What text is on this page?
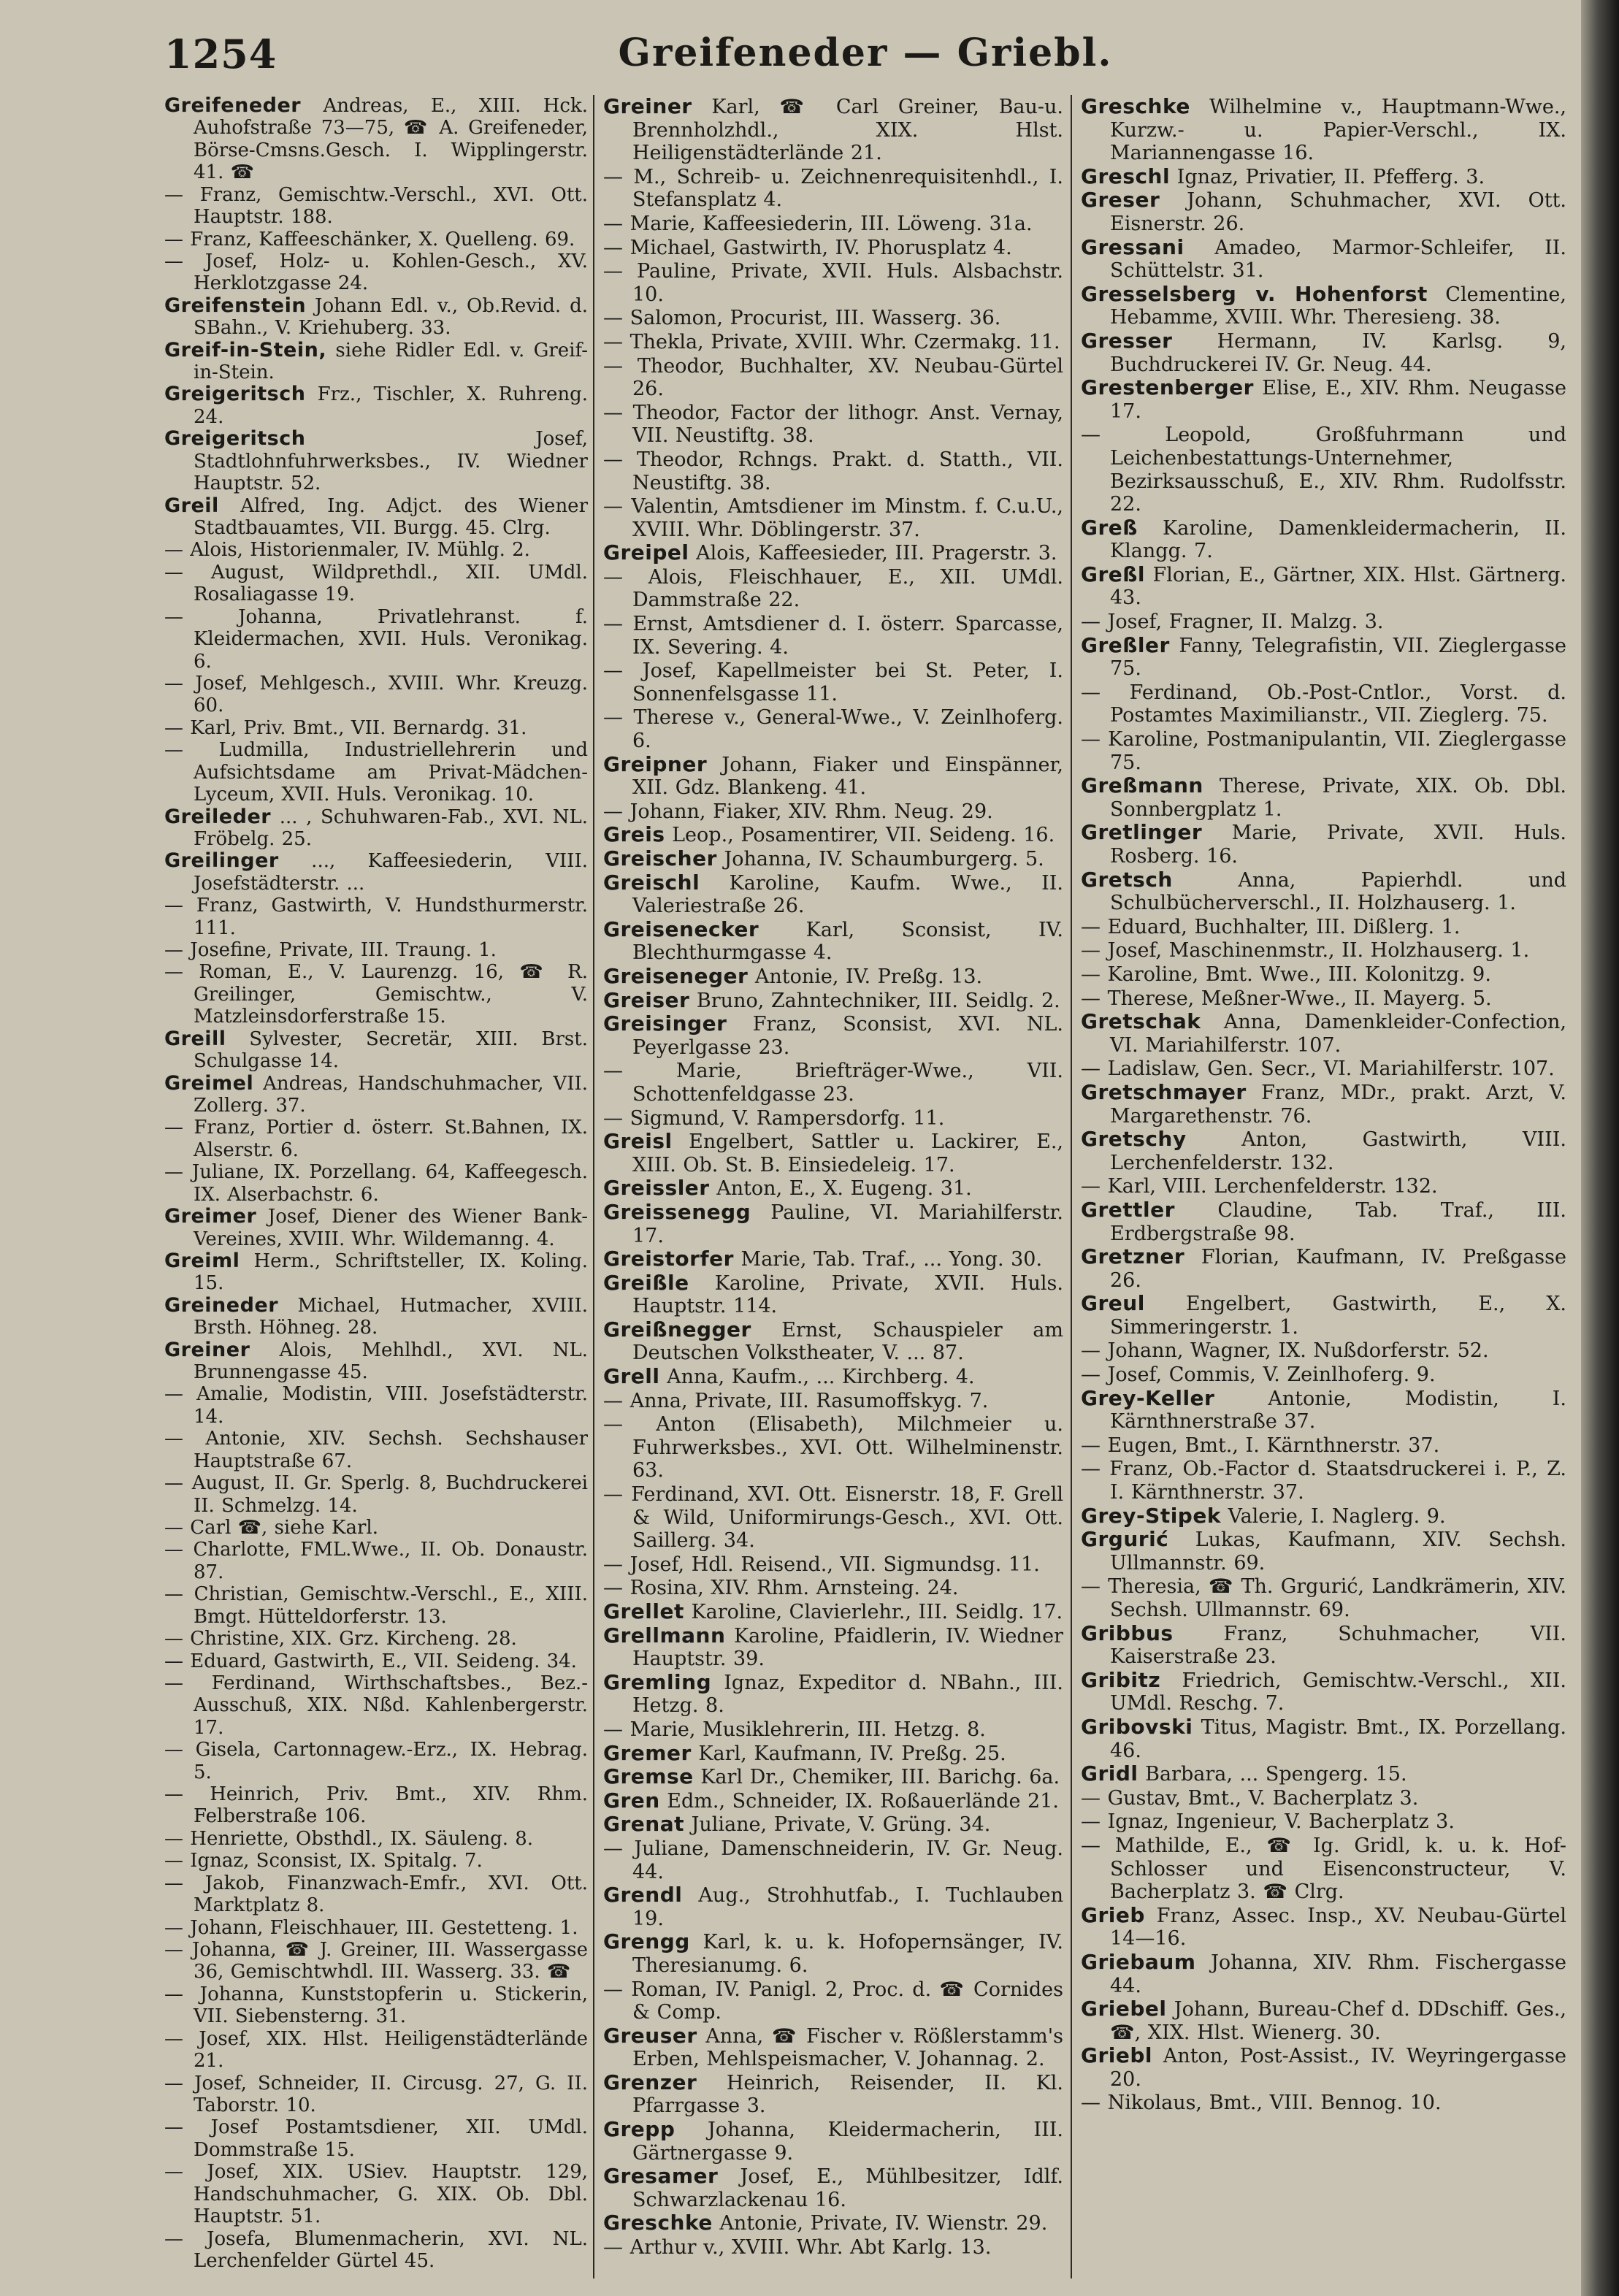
1254	Greifeneder — Griebl.
Greifeneder Andreas, E., XIII. Hck. Auhofstraße 73—75, ☎ A. Greifeneder, Börse-Cmsns.Gesch. I. Wipplingerstr. 41. ☎
— Franz, Gemischtw.-Verschl., XVI. Ott. Hauptstr. 188.
— Franz, Kaffeeschänker, X. Quelleng. 69.
— Josef, Holz- u. Kohlen-Gesch., XV. Herklotzgasse 24.
Greifenstein Johann Edl. v., Ob.Revid. d. SBahn., V. Kriehuberg. 33.
Greif-in-Stein, siehe Ridler Edl. v. Greif-in-Stein.
Greigeritsch Frz., Tischler, X. Ruhreng. 24.
Greigeritsch Josef, Stadtlohnfuhrwerksbes., IV. Wiedner Hauptstr. 52.
Greil Alfred, Ing. Adjct. des Wiener Stadtbauamtes, VII. Burgg. 45. Clrg.
— Alois, Historienmaler, IV. Mühlg. 2.
— August, Wildprethdl., XII. UMdl. Rosaliagasse 19.
— Johanna, Privatlehranst. f. Kleidermachen, XVII. Huls. Veronikag. 6.
— Josef, Mehlgesch., XVIII. Whr. Kreuzg. 60.
— Karl, Priv. Bmt., VII. Bernardg. 31.
— Ludmilla, Industriellehrerin und Aufsichtsdame am Privat-Mädchen-Lyceum, XVII. Huls. Veronikag. 10.
Greileder ... , Schuhwaren-Fab., XVI. NL. Fröbelg. 25.
Greilinger ..., Kaffeesiederin, VIII. Josefstädterstr. ...
— Franz, Gastwirth, V. Hundsthurmerstr. 111.
— Josefine, Private, III. Traung. 1.
— Roman, E., V. Laurenzg. 16, ☎ R. Greilinger, Gemischtw., V. Matzleinsdorferstraße 15.
Greill Sylvester, Secretär, XIII. Brst. Schulgasse 14.
Greimel Andreas, Handschuhmacher, VII. Zollerg. 37.
— Franz, Portier d. österr. St.Bahnen, IX. Alserstr. 6.
— Juliane, IX. Porzellang. 64, Kaffeegesch. IX. Alserbachstr. 6.
Greimer Josef, Diener des Wiener Bank-Vereines, XVIII. Whr. Wildemanng. 4.
Greiml Herm., Schriftsteller, IX. Koling. 15.
Greineder Michael, Hutmacher, XVIII. Brsth. Höhneg. 28.
Greiner Alois, Mehlhdl., XVI. NL. Brunnengasse 45.
— Amalie, Modistin, VIII. Josefstädterstr. 14.
— Antonie, XIV. Sechsh. Sechshauser Hauptstraße 67.
— August, II. Gr. Sperlg. 8, Buchdruckerei II. Schmelzg. 14.
— Carl ☎, siehe Karl.
— Charlotte, FML.Wwe., II. Ob. Donaustr. 87.
— Christian, Gemischtw.-Verschl., E., XIII. Bmgt. Hütteldorferstr. 13.
— Christine, XIX. Grz. Kircheng. 28.
— Eduard, Gastwirth, E., VII. Seideng. 34.
— Ferdinand, Wirthschaftsbes., Bez.-Ausschuß, XIX. Nßd. Kahlenbergerstr. 17.
— Gisela, Cartonnagew.-Erz., IX. Hebrag. 5.
— Heinrich, Priv. Bmt., XIV. Rhm. Felberstraße 106.
— Henriette, Obsthdl., IX. Säuleng. 8.
— Ignaz, Sconsist, IX. Spitalg. 7.
— Jakob, Finanzwach-Emfr., XVI. Ott. Marktplatz 8.
— Johann, Fleischhauer, III. Gestetteng. 1.
— Johanna, ☎ J. Greiner, III. Wassergasse 36, Gemischtwhdl. III. Wasserg. 33. ☎
— Johanna, Kunststopferin u. Stickerin, VII. Siebensterng. 31.
— Josef, XIX. Hlst. Heiligenstädterlände 21.
— Josef, Schneider, II. Circusg. 27, G. II. Taborstr. 10.
— Josef Postamtsdiener, XII. UMdl. Dommstraße 15.
— Josef, XIX. USiev. Hauptstr. 129, Handschuhmacher, G. XIX. Ob. Dbl. Hauptstr. 51.
— Josefa, Blumenmacherin, XVI. NL. Lerchenfelder Gürtel 45.
Greiner Karl, ☎ Carl Greiner, Bau-u. Brennholzhdl., XIX. Hlst. Heiligenstädterlände 21.
— M., Schreib- u. Zeichnenrequisitenhdl., I. Stefansplatz 4.
— Marie, Kaffeesiederin, III. Löweng. 31a.
— Michael, Gastwirth, IV. Phorusplatz 4.
— Pauline, Private, XVII. Huls. Alsbachstr. 10.
— Salomon, Procurist, III. Wasserg. 36.
— Thekla, Private, XVIII. Whr. Czermakg. 11.
— Theodor, Buchhalter, XV. Neubau-Gürtel 26.
— Theodor, Factor der lithogr. Anst. Vernay, VII. Neustiftg. 38.
— Theodor, Rchngs. Prakt. d. Statth., VII. Neustiftg. 38.
— Valentin, Amtsdiener im Minstm. f. C.u.U., XVIII. Whr. Döblingerstr. 37.
Greipel Alois, Kaffeesieder, III. Pragerstr. 3.
— Alois, Fleischhauer, E., XII. UMdl. Dammstraße 22.
— Ernst, Amtsdiener d. I. österr. Sparcasse, IX. Severing. 4.
— Josef, Kapellmeister bei St. Peter, I. Sonnenfelsgasse 11.
— Therese v., General-Wwe., V. Zeinlhoferg. 6.
Greipner Johann, Fiaker und Einspänner, XII. Gdz. Blankeng. 41.
— Johann, Fiaker, XIV. Rhm. Neug. 29.
Greis Leop., Posamentirer, VII. Seideng. 16.
Greischer Johanna, IV. Schaumburgerg. 5.
Greischl Karoline, Kaufm. Wwe., II. Valeriestraße 26.
Greisenecker Karl, Sconsist, IV. Blechthurmgasse 4.
Greiseneger Antonie, IV. Preßg. 13.
Greiser Bruno, Zahntechniker, III. Seidlg. 2.
Greisinger Franz, Sconsist, XVI. NL. Peyerlgasse 23.
— Marie, Briefträger-Wwe., VII. Schottenfeldgasse 23.
— Sigmund, V. Rampersdorfg. 11.
Greisl Engelbert, Sattler u. Lackirer, E., XIII. Ob. St. B. Einsiedeleig. 17.
Greissler Anton, E., X. Eugeng. 31.
Greissenegg Pauline, VI. Mariahilferstr. 17.
Greistorfer Marie, Tab. Traf., ... Yong. 30.
Greißle Karoline, Private, XVII. Huls. Hauptstr. 114.
Greißnegger Ernst, Schauspieler am Deutschen Volkstheater, V. ... 87.
Grell Anna, Kaufm., ... Kirchberg. 4.
— Anna, Private, III. Rasumoffskyg. 7.
— Anton (Elisabeth), Milchmeier u. Fuhrwerksbes., XVI. Ott. Wilhelminenstr. 63.
— Ferdinand, XVI. Ott. Eisnerstr. 18, F. Grell & Wild, Uniformirungs-Gesch., XVI. Ott. Saillerg. 34.
— Josef, Hdl. Reisend., VII. Sigmundsg. 11.
— Rosina, XIV. Rhm. Arnsteing. 24.
Grellet Karoline, Clavierlehr., III. Seidlg. 17.
Grellmann Karoline, Pfaidlerin, IV. Wiedner Hauptstr. 39.
Gremling Ignaz, Expeditor d. NBahn., III. Hetzg. 8.
— Marie, Musiklehrerin, III. Hetzg. 8.
Gremer Karl, Kaufmann, IV. Preßg. 25.
Gremse Karl Dr., Chemiker, III. Barichg. 6a.
Gren Edm., Schneider, IX. Roßauerlände 21.
Grenat Juliane, Private, V. Grüng. 34.
— Juliane, Damenschneiderin, IV. Gr. Neug. 44.
Grendl Aug., Strohhutfab., I. Tuchlauben 19.
Grengg Karl, k. u. k. Hofopernsänger, IV. Theresianumg. 6.
— Roman, IV. Panigl. 2, Proc. d. ☎ Cornides & Comp.
Greuser Anna, ☎ Fischer v. Rößlerstamm's Erben, Mehlspeismacher, V. Johannag. 2.
Grenzer Heinrich, Reisender, II. Kl. Pfarrgasse 3.
Grepp Johanna, Kleidermacherin, III. Gärtnergasse 9.
Gresamer Josef, E., Mühlbesitzer, Idlf. Schwarzlackenau 16.
Greschke Antonie, Private, IV. Wienstr. 29.
— Arthur v., XVIII. Whr. Abt Karlg. 13.
Greschke Wilhelmine v., Hauptmann-Wwe., Kurzw.- u. Papier-Verschl., IX. Mariannengasse 16.
Greschl Ignaz, Privatier, II. Pfefferg. 3.
Greser Johann, Schuhmacher, XVI. Ott. Eisnerstr. 26.
Gressani Amadeo, Marmor-Schleifer, II. Schüttelstr. 31.
Gresselsberg v. Hohenforst Clementine, Hebamme, XVIII. Whr. Theresieng. 38.
Gresser Hermann, IV. Karlsg. 9, Buchdruckerei IV. Gr. Neug. 44.
Grestenberger Elise, E., XIV. Rhm. Neugasse 17.
— Leopold, Großfuhrmann und Leichenbestattungs-Unternehmer, Bezirksausschuß, E., XIV. Rhm. Rudolfsstr. 22.
Greß Karoline, Damenkleidermacherin, II. Klangg. 7.
Greßl Florian, E., Gärtner, XIX. Hlst. Gärtnerg. 43.
— Josef, Fragner, II. Malzg. 3.
Greßler Fanny, Telegrafistin, VII. Zieglergasse 75.
— Ferdinand, Ob.-Post-Cntlor., Vorst. d. Postamtes Maximilianstr., VII. Zieglerg. 75.
— Karoline, Postmanipulantin, VII. Zieglergasse 75.
Greßmann Therese, Private, XIX. Ob. Dbl. Sonnbergplatz 1.
Gretlinger Marie, Private, XVII. Huls. Rosberg. 16.
Gretsch Anna, Papierhdl. und Schulbücherverschl., II. Holzhauserg. 1.
— Eduard, Buchhalter, III. Dißlerg. 1.
— Josef, Maschinenmstr., II. Holzhauserg. 1.
— Karoline, Bmt. Wwe., III. Kolonitzg. 9.
— Therese, Meßner-Wwe., II. Mayerg. 5.
Gretschak Anna, Damenkleider-Confection, VI. Mariahilferstr. 107.
— Ladislaw, Gen. Secr., VI. Mariahilferstr. 107.
Gretschmayer Franz, MDr., prakt. Arzt, V. Margarethenstr. 76.
Gretschy Anton, Gastwirth, VIII. Lerchenfelderstr. 132.
— Karl, VIII. Lerchenfelderstr. 132.
Grettler Claudine, Tab. Traf., III. Erdbergstraße 98.
Gretzner Florian, Kaufmann, IV. Preßgasse 26.
Greul Engelbert, Gastwirth, E., X. Simmeringerstr. 1.
— Johann, Wagner, IX. Nußdorferstr. 52.
— Josef, Commis, V. Zeinlhoferg. 9.
Grey-Keller Antonie, Modistin, I. Kärnthnerstraße 37.
— Eugen, Bmt., I. Kärnthnerstr. 37.
— Franz, Ob.-Factor d. Staatsdruckerei i. P., Z. I. Kärnthnerstr. 37.
Grey-Stipek Valerie, I. Naglerg. 9.
Grgurić Lukas, Kaufmann, XIV. Sechsh. Ullmannstr. 69.
— Theresia, ☎ Th. Grgurić, Landkrämerin, XIV. Sechsh. Ullmannstr. 69.
Gribbus Franz, Schuhmacher, VII. Kaiserstraße 23.
Gribitz Friedrich, Gemischtw.-Verschl., XII. UMdl. Reschg. 7.
Gribovski Titus, Magistr. Bmt., IX. Porzellang. 46.
Gridl Barbara, ... Spengerg. 15.
— Gustav, Bmt., V. Bacherplatz 3.
— Ignaz, Ingenieur, V. Bacherplatz 3.
— Mathilde, E., ☎ Ig. Gridl, k. u. k. Hof-Schlosser und Eisenconstructeur, V. Bacherplatz 3. ☎ Clrg.
Grieb Franz, Assec. Insp., XV. Neubau-Gürtel 14—16.
Griebaum Johanna, XIV. Rhm. Fischergasse 44.
Griebel Johann, Bureau-Chef d. DDschiff. Ges., ☎, XIX. Hlst. Wienerg. 30.
Griebl Anton, Post-Assist., IV. Weyringergasse 20.
— Nikolaus, Bmt., VIII. Bennog. 10.
